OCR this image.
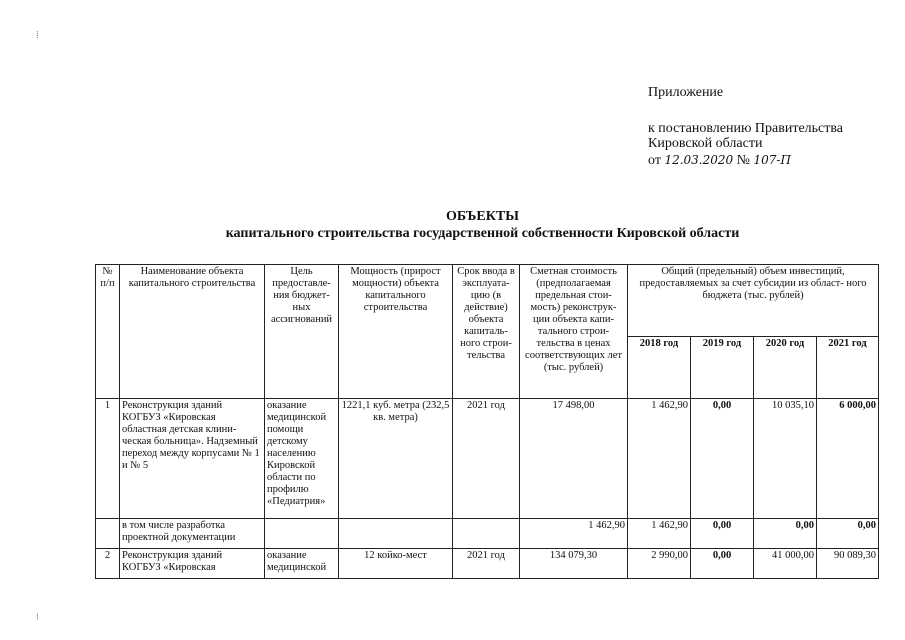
⁞
⁞
Приложение
к постановлению Правительства
Кировской области
от 12.03.2020 № 107-П
ОБЪЕКТЫ
капитального строительства государственной собственности Кировской области
№ п/п	Наименование объекта капитального строительства	Цель предоставле- ния бюджет- ных ассигнований	Мощность (прирост мощности) объекта капитального строительства	Срок ввода в эксплуата- цию (в действие) объекта капиталь- ного строи- тельства	Сметная стоимость (предполагаемая предельная стои- мость) реконструк- ции объекта капи- тального строи- тельства в ценах соответствующих лет (тыс. рублей)	Общий (предельный) объем инвестиций, предоставляемых за счет субсидии из област- ного бюджета (тыс. рублей)			
						2018 год	2019 год	2020 год	2021 год
1	Реконструкция зданий КОГБУЗ «Кировская областная детская клини- ческая больница». Надземный переход между корпусами № 1 и № 5	оказание медицинской помощи детскому населению Кировской области по профилю «Педиатрия»	1221,1 куб. метра (232,5 кв. метра)	2021 год	17 498,00	1 462,90	0,00	10 035,10	6 000,00
	в том числе разработка проектной документации				1 462,90	1 462,90	0,00	0,00	0,00
2	Реконструкция зданий КОГБУЗ «Кировская	оказание медицинской	12 койко-мест	2021 год	134 079,30	2 990,00	0,00	41 000,00	90 089,30
